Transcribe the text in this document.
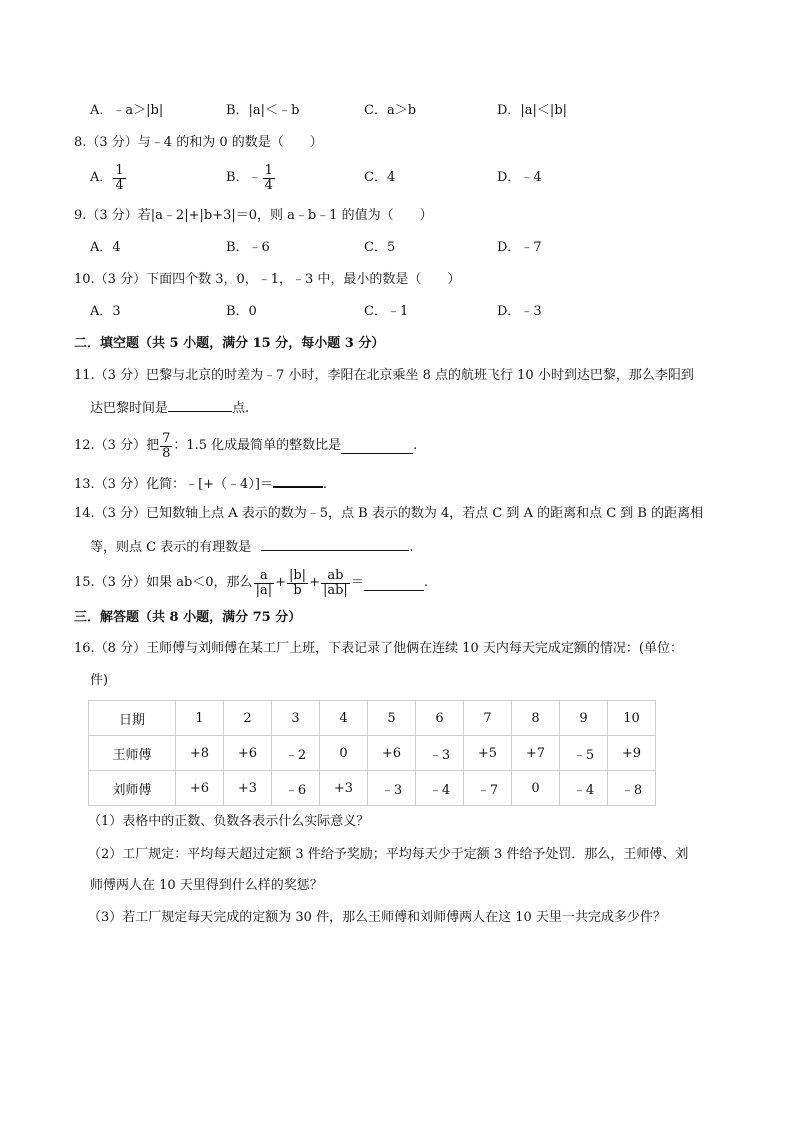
A．﹣a＞|b|	B．|a|＜﹣b	C．a＞b	D．|a|＜|b|
8.（3 分）与﹣4 的和为 0 的数是（　　）
A． $\frac{1}{4}$	B．﹣ $\frac{1}{4}$	C．4	D．﹣4
9.（3 分）若|a﹣2|+|b+3|＝0，则 a﹣b﹣1 的值为（　　）
A．4	B．﹣6	C．5	D．﹣7
10.（3 分）下面四个数 3，0，﹣1，﹣3 中，最小的数是（　　）
A．3	B．0	C．﹣1	D．﹣3
二．填空题（共 5 小题，满分 15 分，每小题 3 分）
11.（3 分）巴黎与北京的时差为﹣7 小时，李阳在北京乘坐 8 点的航班飞行 10 小时到达巴黎，那么李阳到
达巴黎时间是	点.
12.（3 分）把 $\frac{7}{8}$ ：1.5 化成最简单的整数比是	.
13.（3 分）化简：﹣[+（﹣4）]＝	.
14.（3 分）已知数轴上点 A 表示的数为﹣5，点 B 表示的数为 4，若点 C 到 A 的距离和点 C 到 B 的距离相
等，则点 C 表示的有理数是	.
15.（3 分）如果 ab＜0，那么 $\frac{a}{|a|} + \frac{|b|}{b} + \frac{ab}{|ab|}$ ＝	.
三．解答题（共 8 小题，满分 75 分）
16.（8 分）王师傅与刘师傅在某工厂上班，下表记录了他俩在连续 10 天内每天完成定额的情况：(单位：
件)
日期	1	2	3	4	5	6	7	8	9	10
王师傅	+8	+6	﹣2	0	+6	﹣3	+5	+7	﹣5	+9
刘师傅	+6	+3	﹣6	+3	﹣3	﹣4	﹣7	0	﹣4	﹣8
（1）表格中的正数、负数各表示什么实际意义？
（2）工厂规定：平均每天超过定额 3 件给予奖励；平均每天少于定额 3 件给予处罚．那么，王师傅、刘
师傅两人在 10 天里得到什么样的奖惩？
（3）若工厂规定每天完成的定额为 30 件，那么王师傅和刘师傅两人在这 10 天里一共完成多少件？
